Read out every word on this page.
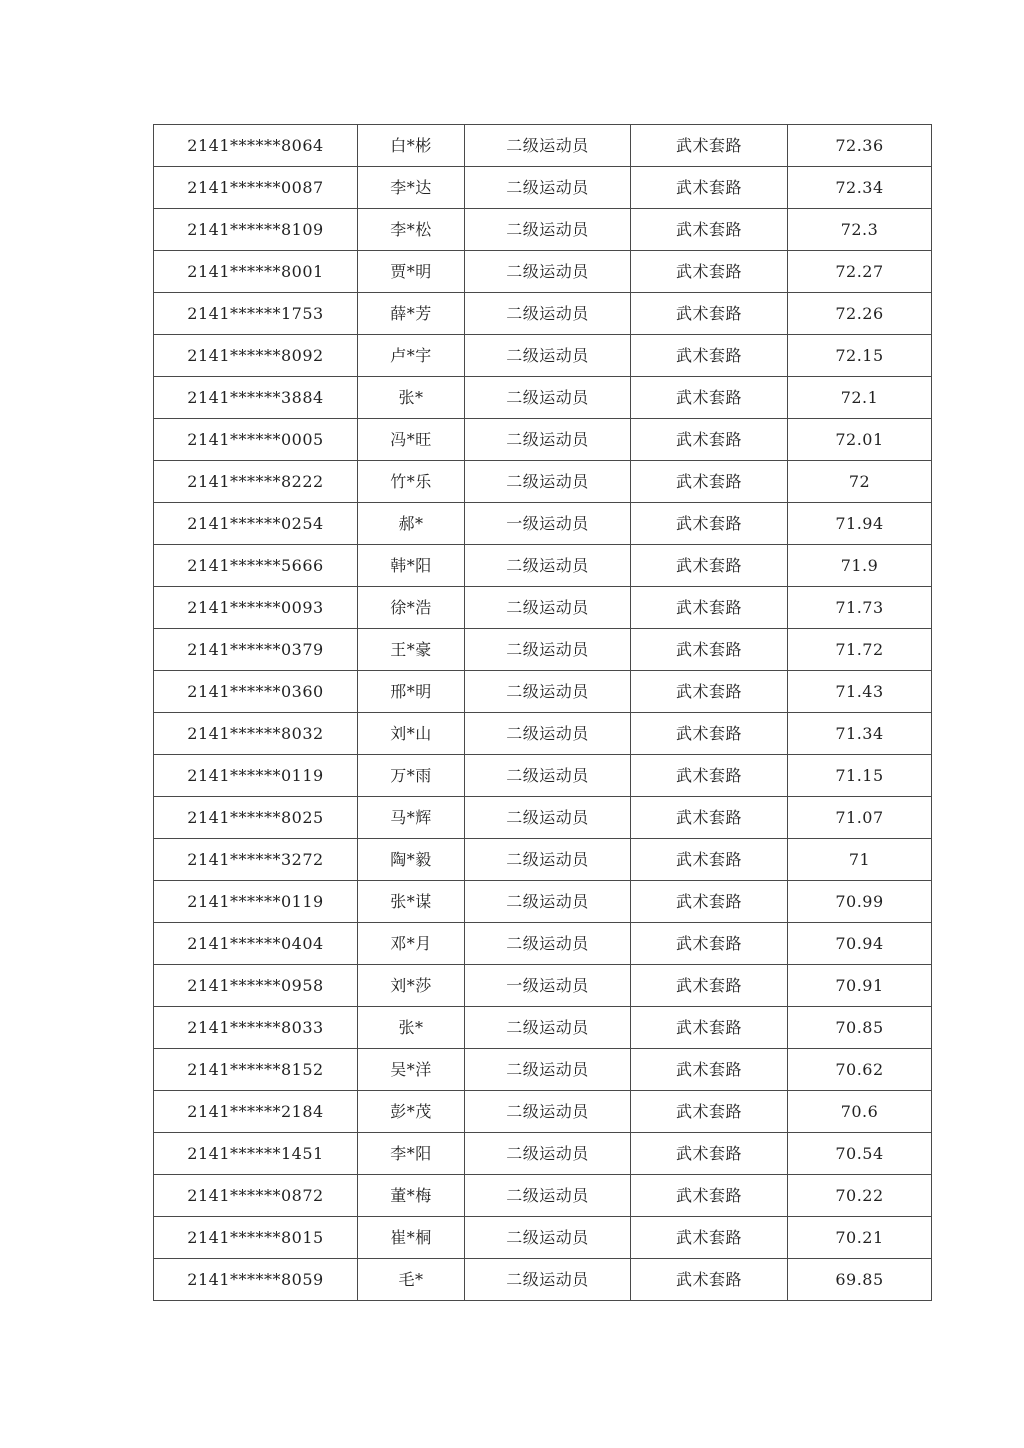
2141******8064	白*彬	二级运动员	武术套路	72.36
2141******0087	李*达	二级运动员	武术套路	72.34
2141******8109	李*松	二级运动员	武术套路	72.3
2141******8001	贾*明	二级运动员	武术套路	72.27
2141******1753	薛*芳	二级运动员	武术套路	72.26
2141******8092	卢*宇	二级运动员	武术套路	72.15
2141******3884	张*	二级运动员	武术套路	72.1
2141******0005	冯*旺	二级运动员	武术套路	72.01
2141******8222	竹*乐	二级运动员	武术套路	72
2141******0254	郝*	一级运动员	武术套路	71.94
2141******5666	韩*阳	二级运动员	武术套路	71.9
2141******0093	徐*浩	二级运动员	武术套路	71.73
2141******0379	王*豪	二级运动员	武术套路	71.72
2141******0360	邢*明	二级运动员	武术套路	71.43
2141******8032	刘*山	二级运动员	武术套路	71.34
2141******0119	万*雨	二级运动员	武术套路	71.15
2141******8025	马*辉	二级运动员	武术套路	71.07
2141******3272	陶*毅	二级运动员	武术套路	71
2141******0119	张*谋	二级运动员	武术套路	70.99
2141******0404	邓*月	二级运动员	武术套路	70.94
2141******0958	刘*莎	一级运动员	武术套路	70.91
2141******8033	张*	二级运动员	武术套路	70.85
2141******8152	吴*洋	二级运动员	武术套路	70.62
2141******2184	彭*茂	二级运动员	武术套路	70.6
2141******1451	李*阳	二级运动员	武术套路	70.54
2141******0872	董*梅	二级运动员	武术套路	70.22
2141******8015	崔*桐	二级运动员	武术套路	70.21
2141******8059	毛*	二级运动员	武术套路	69.85
